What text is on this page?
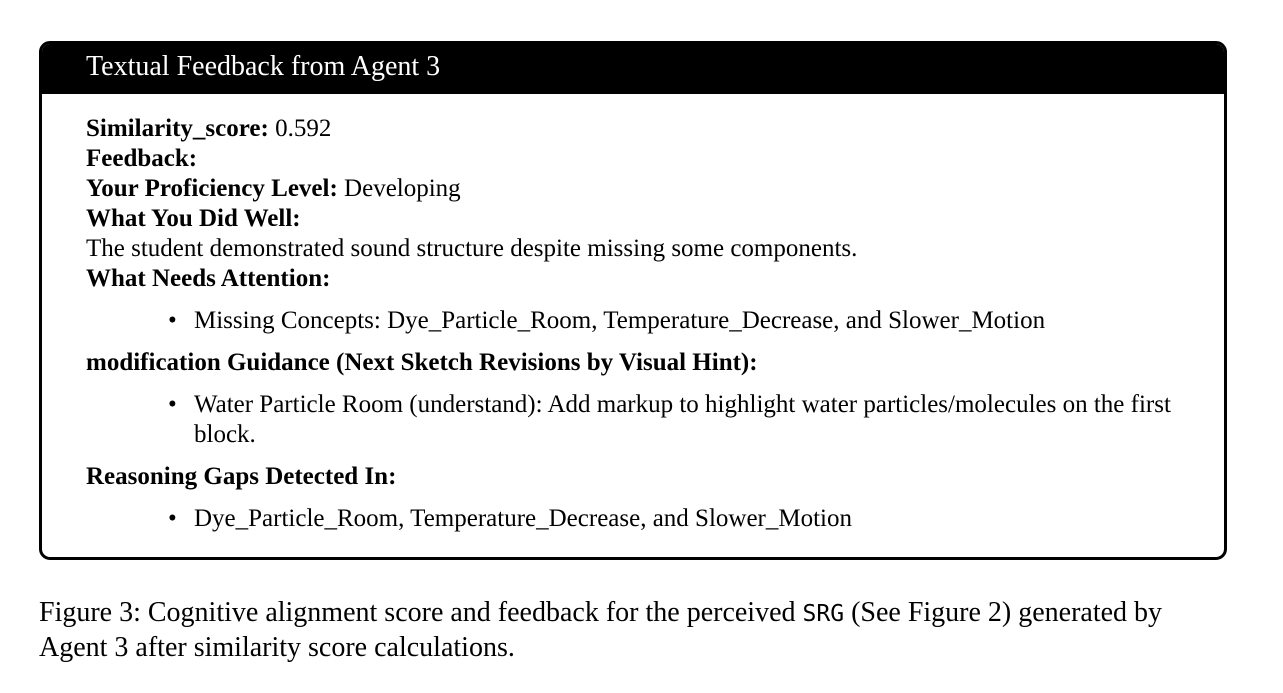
Textual Feedback from Agent 3
Similarity_score: 0.592
Feedback:
Your Proficiency Level: Developing
What You Did Well:
The student demonstrated sound structure despite missing some components.
What Needs Attention:
• Missing Concepts: Dye_Particle_Room, Temperature_Decrease, and Slower_Motion
modification Guidance (Next Sketch Revisions by Visual Hint):
• Water Particle Room (understand): Add markup to highlight water particles/molecules on the first block.
Reasoning Gaps Detected In:
• Dye_Particle_Room, Temperature_Decrease, and Slower_Motion
Figure 3: Cognitive alignment score and feedback for the perceived SRG (See Figure 2) generated by
Agent 3 after similarity score calculations.
